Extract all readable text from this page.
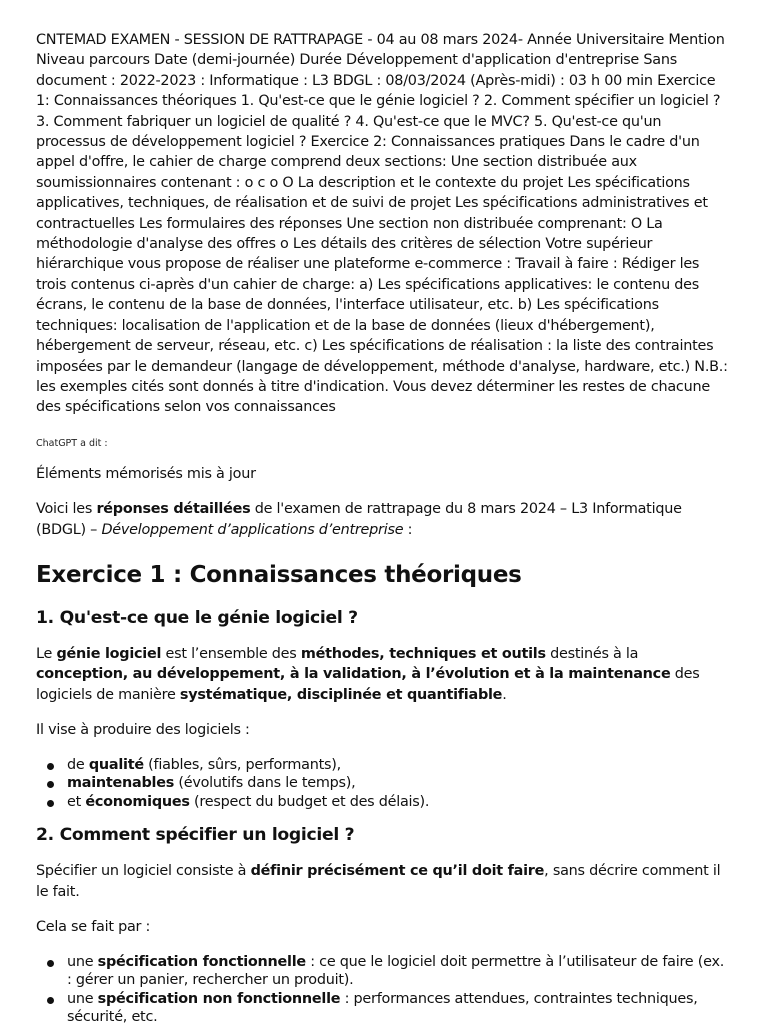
CNTEMAD EXAMEN - SESSION DE RATTRAPAGE - 04 au 08 mars 2024- Année Universitaire Mention Niveau parcours Date (demi-journée) Durée Développement d'application d'entreprise Sans document : 2022-2023 : Informatique : L3 BDGL : 08/03/2024 (Après-midi) : 03 h 00 min Exercice 1: Connaissances théoriques 1. Qu'est-ce que le génie logiciel ? 2. Comment spécifier un logiciel ? 3. Comment fabriquer un logiciel de qualité ? 4. Qu'est-ce que le MVC? 5. Qu'est-ce qu'un processus de développement logiciel ? Exercice 2: Connaissances pratiques Dans le cadre d'un appel d'offre, le cahier de charge comprend deux sections: Une section distribuée aux soumissionnaires contenant : o c o O La description et le contexte du projet Les spécifications applicatives, techniques, de réalisation et de suivi de projet Les spécifications administratives et contractuelles Les formulaires des réponses Une section non distribuée comprenant: O La méthodologie d'analyse des offres o Les détails des critères de sélection Votre supérieur hiérarchique vous propose de réaliser une plateforme e-commerce : Travail à faire : Rédiger les trois contenus ci-après d'un cahier de charge: a) Les spécifications applicatives: le contenu des écrans, le contenu de la base de données, l'interface utilisateur, etc. b) Les spécifications techniques: localisation de l'application et de la base de données (lieux d'hébergement), hébergement de serveur, réseau, etc. c) Les spécifications de réalisation : la liste des contraintes imposées par le demandeur (langage de développement, méthode d'analyse, hardware, etc.) N.B.: les exemples cités sont donnés à titre d'indication. Vous devez déterminer les restes de chacune des spécifications selon vos connaissances

ChatGPT a dit :

Éléments mémorisés mis à jour

Voici les réponses détaillées de l'examen de rattrapage du 8 mars 2024 – L3 Informatique (BDGL) – Développement d’applications d’entreprise :

Exercice 1 : Connaissances théoriques
1. Qu'est-ce que le génie logiciel ?

Le génie logiciel est l’ensemble des méthodes, techniques et outils destinés à la conception, au développement, à la validation, à l’évolution et à la maintenance des logiciels de manière systématique, disciplinée et quantifiable.

Il vise à produire des logiciels :

de qualité (fiables, sûrs, performants),
maintenables (évolutifs dans le temps),
et économiques (respect du budget et des délais).
2. Comment spécifier un logiciel ?

Spécifier un logiciel consiste à définir précisément ce qu’il doit faire, sans décrire comment il le fait.

Cela se fait par :

une spécification fonctionnelle : ce que le logiciel doit permettre à l’utilisateur de faire (ex. : gérer un panier, rechercher un produit).
une spécification non fonctionnelle : performances attendues, contraintes techniques, sécurité, etc.
